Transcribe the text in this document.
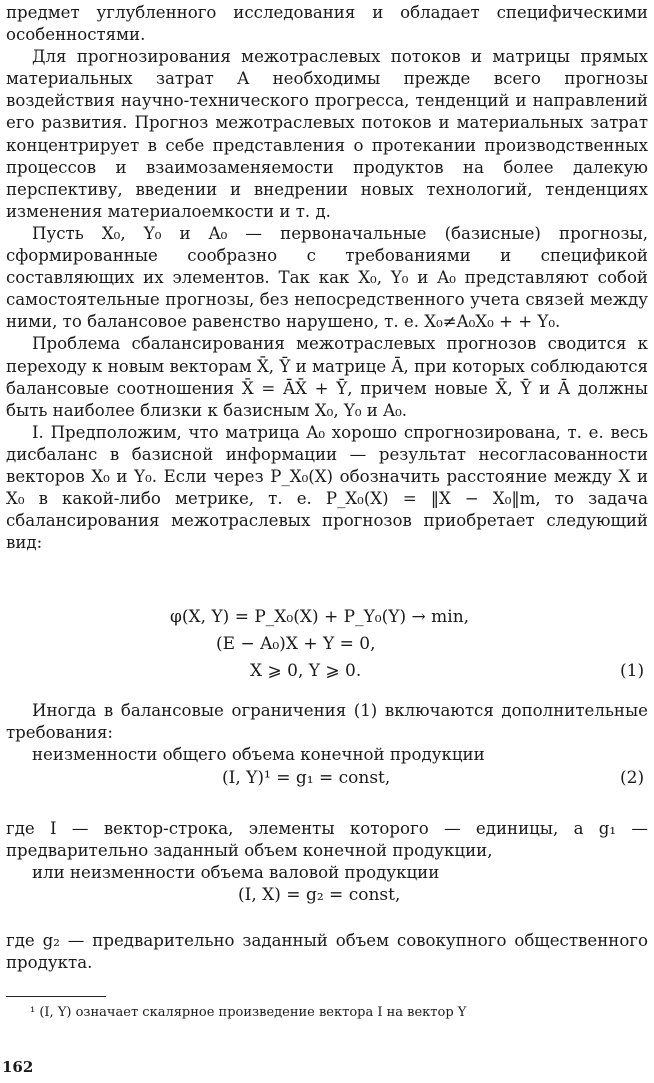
предмет углубленного исследования и обладает специфическими особенностями.

Для прогнозирования межотраслевых потоков и матрицы прямых материальных затрат A необходимы прежде всего прогнозы воздействия научно-технического прогресса, тенденций и направлений его развития. Прогноз межотраслевых потоков и материальных затрат концентрирует в себе представления о протекании производственных процессов и взаимозаменяемости продуктов на более далекую перспективу, введении и внедрении новых технологий, тенденциях изменения материалоемкости и т. д.

Пусть X₀, Y₀ и A₀ — первоначальные (базисные) прогнозы, сформированные сообразно с требованиями и спецификой составляющих их элементов. Так как X₀, Y₀ и A₀ представляют собой самостоятельные прогнозы, без непосредственного учета связей между ними, то балансовое равенство нарушено, т. е. X₀≠A₀X₀ + + Y₀.

Проблема сбалансирования межотраслевых прогнозов сводится к переходу к новым векторам X̄, Ȳ и матрице Ā, при которых соблюдаются балансовые соотношения X̄ = ĀX̄ + Ȳ, причем новые X̄, Ȳ и Ā должны быть наиболее близки к базисным X₀, Y₀ и A₀.

I. Предположим, что матрица A₀ хорошо спрогнозирована, т. е. весь дисбаланс в базисной информации — результат несогласованности векторов X₀ и Y₀. Если через P_X₀(X) обозначить расстояние между X и X₀ в какой-либо метрике, т. е. P_X₀(X) = ‖X − X₀‖m, то задача сбалансирования межотраслевых прогнозов приобретает следующий вид:

φ(X, Y) = P_X₀(X) + P_Y₀(Y) → min,
(E − A₀)X + Y = 0,
X ⩾ 0, Y ⩾ 0.	(1)

Иногда в балансовые ограничения (1) включаются дополнительные требования:

неизменности общего объема конечной продукции

(I, Y)¹ = g₁ = const,	(2)

где I — вектор-строка, элементы которого — единицы, а g₁ — предварительно заданный объем конечной продукции,

или неизменности объема валовой продукции

(I, X) = g₂ = const,

где g₂ — предварительно заданный объем совокупного общественного продукта.

¹ (I, Y) означает скалярное произведение вектора I на вектор Y
162
